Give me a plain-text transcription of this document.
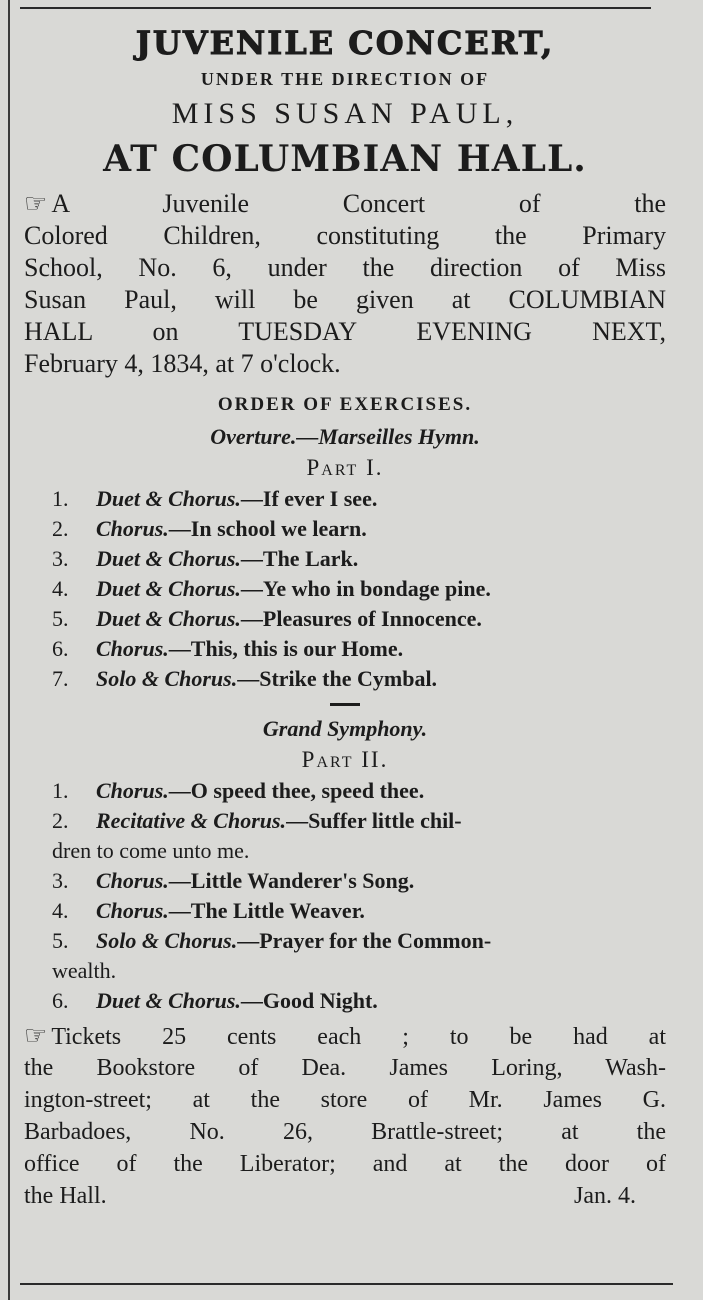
JUVENILE CONCERT,
UNDER THE DIRECTION OF
MISS SUSAN PAUL,
AT COLUMBIAN HALL.
☞ A Juvenile Concert of the
Colored Children, constituting the Primary
School, No. 6, under the direction of Miss
Susan Paul, will be given at COLUMBIAN
HALL on TUESDAY EVENING NEXT,
February 4, 1834, at 7 o'clock.
ORDER OF EXERCISES.
Overture.—Marseilles Hymn.
Part I.
1. Duet & Chorus.—If ever I see.
2. Chorus.—In school we learn.
3. Duet & Chorus.—The Lark.
4. Duet & Chorus.—Ye who in bondage pine.
5. Duet & Chorus.—Pleasures of Innocence.
6. Chorus.—This, this is our Home.
7. Solo & Chorus.—Strike the Cymbal.
Grand Symphony.
Part II.
1. Chorus.—O speed thee, speed thee.
2. Recitative & Chorus.—Suffer little chil-
dren to come unto me.
3. Chorus.—Little Wanderer's Song.
4. Chorus.—The Little Weaver.
5. Solo & Chorus.—Prayer for the Common-
wealth.
6. Duet & Chorus.—Good Night.
☞ Tickets 25 cents each ; to be had at
the Bookstore of Dea. James Loring, Wash-
ington-street; at the store of Mr. James G.
Barbadoes, No. 26, Brattle-street; at the
office of the Liberator; and at the door of
the Hall.	Jan. 4.
